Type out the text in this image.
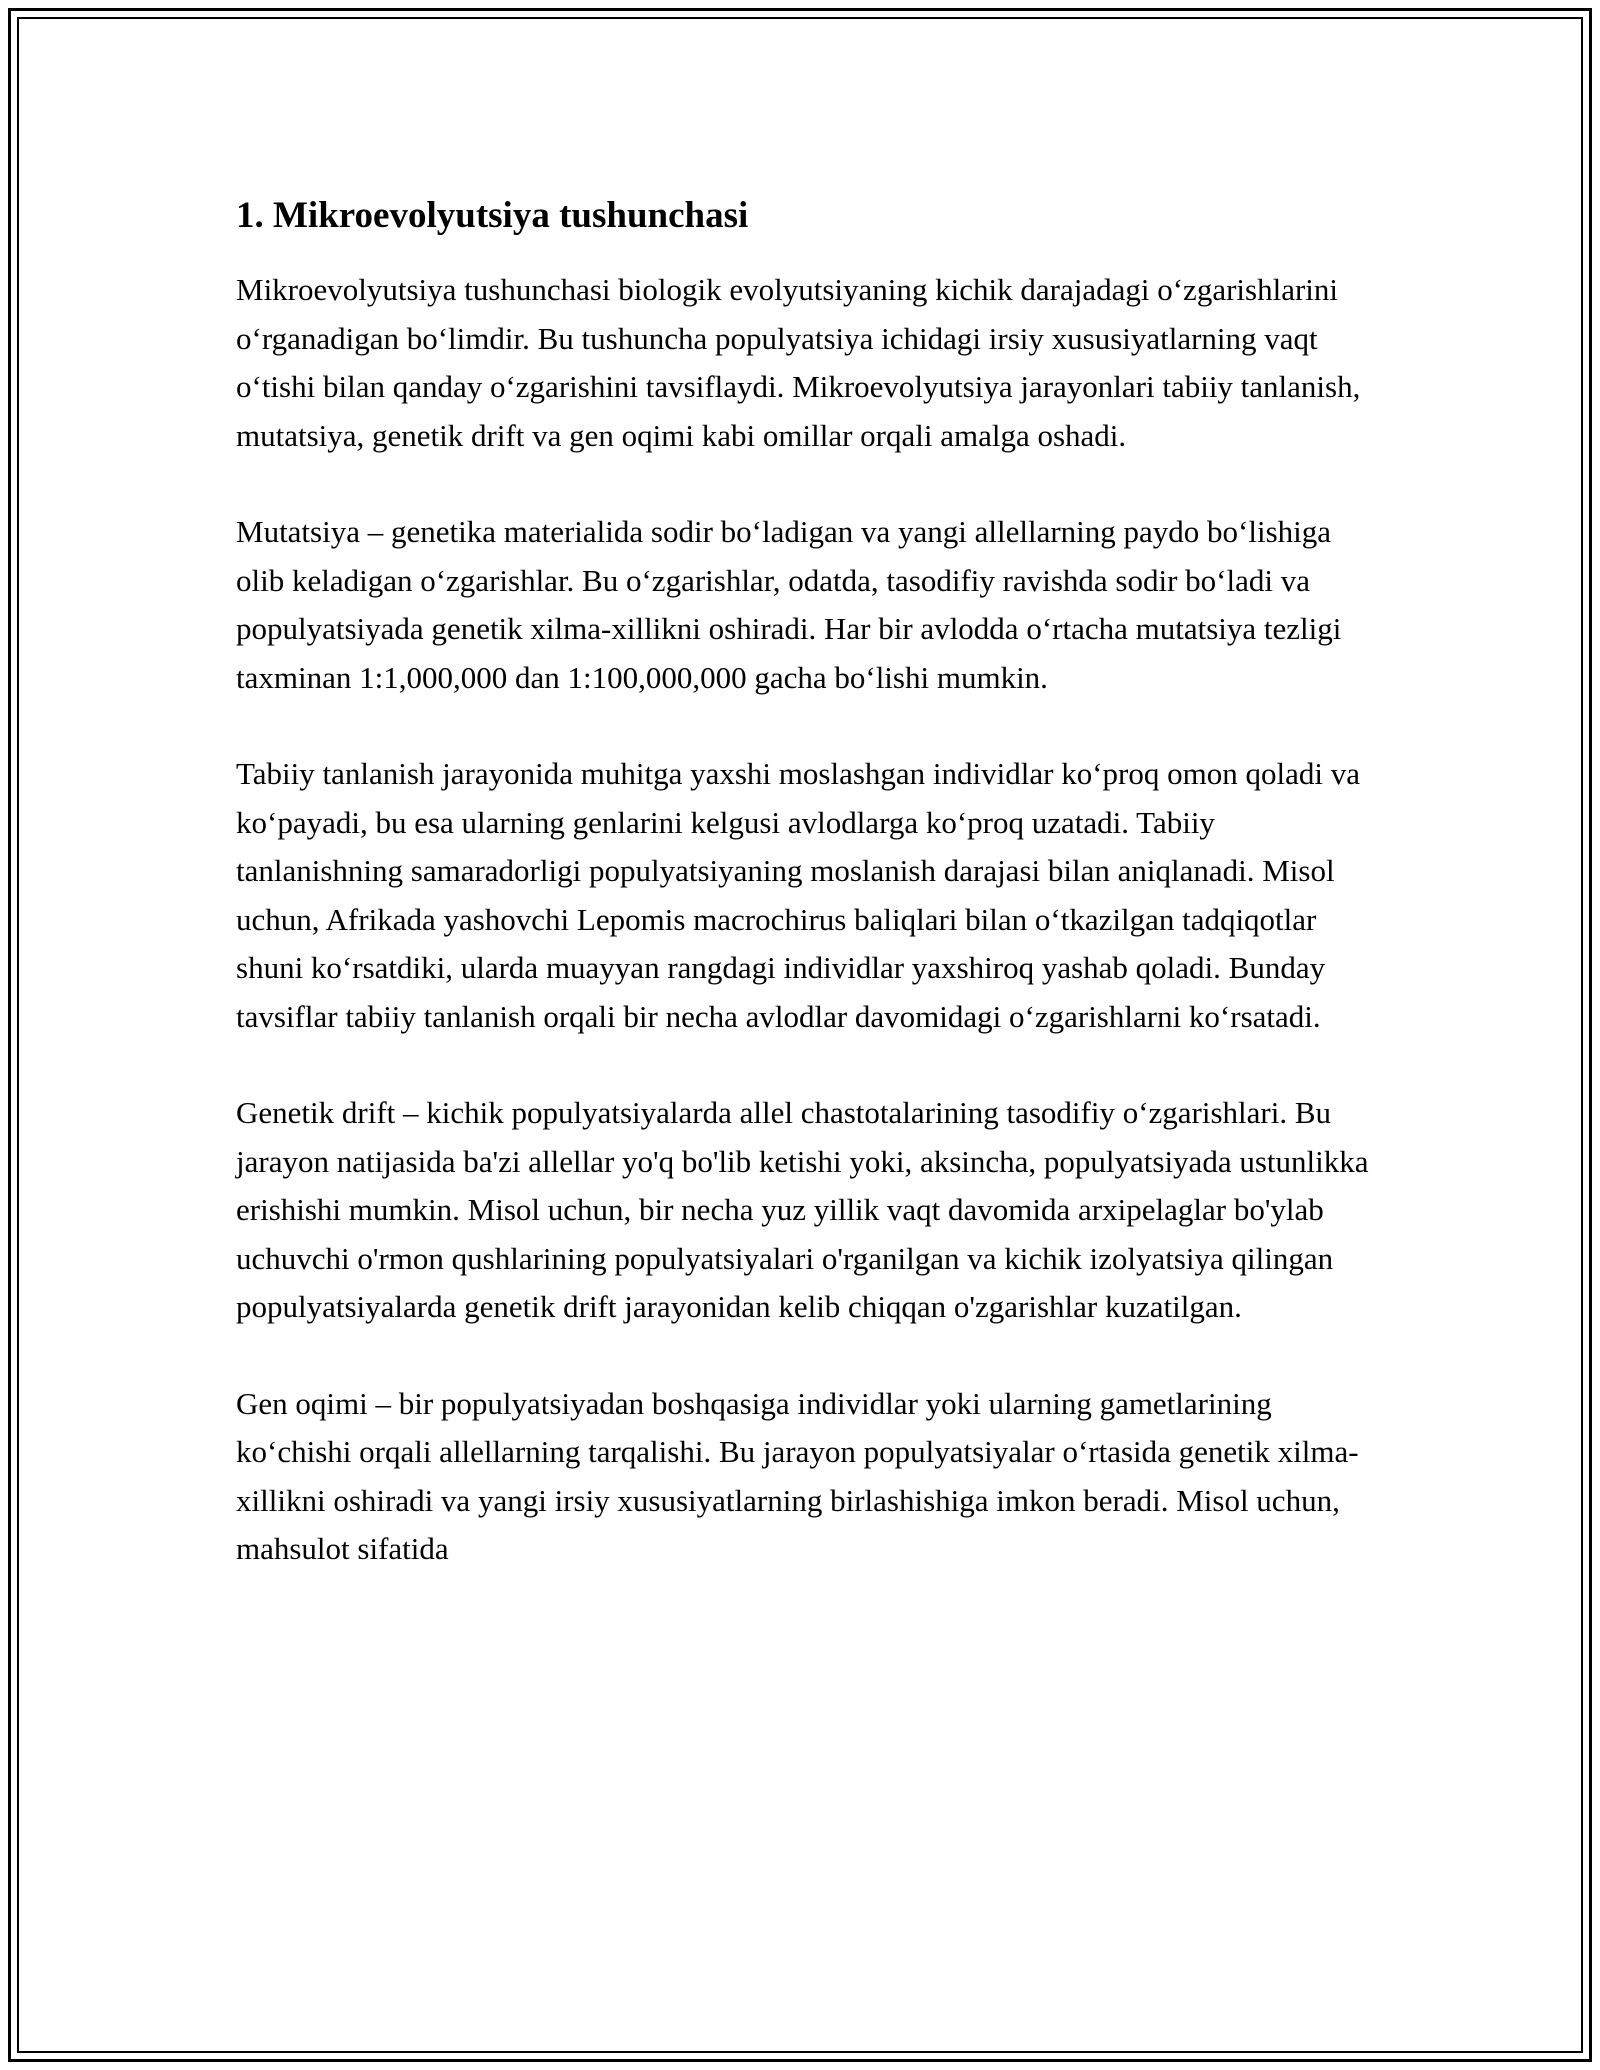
1. Mikroevolyutsiya tushunchasi

Mikroevolyutsiya tushunchasi biologik evolyutsiyaning kichik darajadagi o‘zgarishlarini o‘rganadigan bo‘limdir. Bu tushuncha populyatsiya ichidagi irsiy xususiyatlarning vaqt o‘tishi bilan qanday o‘zgarishini tavsiflaydi. Mikroevolyutsiya jarayonlari tabiiy tanlanish, mutatsiya, genetik drift va gen oqimi kabi omillar orqali amalga oshadi.

Mutatsiya – genetika materialida sodir bo‘ladigan va yangi allellarning paydo bo‘lishiga olib keladigan o‘zgarishlar. Bu o‘zgarishlar, odatda, tasodifiy ravishda sodir bo‘ladi va populyatsiyada genetik xilma-xillikni oshiradi. Har bir avlodda o‘rtacha mutatsiya tezligi taxminan 1:1,000,000 dan 1:100,000,000 gacha bo‘lishi mumkin.

Tabiiy tanlanish jarayonida muhitga yaxshi moslashgan individlar ko‘proq omon qoladi va ko‘payadi, bu esa ularning genlarini kelgusi avlodlarga ko‘proq uzatadi. Tabiiy tanlanishning samaradorligi populyatsiyaning moslanish darajasi bilan aniqlanadi. Misol uchun, Afrikada yashovchi Lepomis macrochirus baliqlari bilan o‘tkazilgan tadqiqotlar shuni ko‘rsatdiki, ularda muayyan rangdagi individlar yaxshiroq yashab qoladi. Bunday tavsiflar tabiiy tanlanish orqali bir necha avlodlar davomidagi o‘zgarishlarni ko‘rsatadi.

Genetik drift – kichik populyatsiyalarda allel chastotalarining tasodifiy o‘zgarishlari. Bu jarayon natijasida ba'zi allellar yo'q bo'lib ketishi yoki, aksincha, populyatsiyada ustunlikka erishishi mumkin. Misol uchun, bir necha yuz yillik vaqt davomida arxipelaglar bo'ylab uchuvchi o'rmon qushlarining populyatsiyalari o'rganilgan va kichik izolyatsiya qilingan populyatsiyalarda genetik drift jarayonidan kelib chiqqan o'zgarishlar kuzatilgan.

Gen oqimi – bir populyatsiyadan boshqasiga individlar yoki ularning gametlarining ko‘chishi orqali allellarning tarqalishi. Bu jarayon populyatsiyalar o‘rtasida genetik xilma-xillikni oshiradi va yangi irsiy xususiyatlarning birlashishiga imkon beradi. Misol uchun, mahsulot sifatida
